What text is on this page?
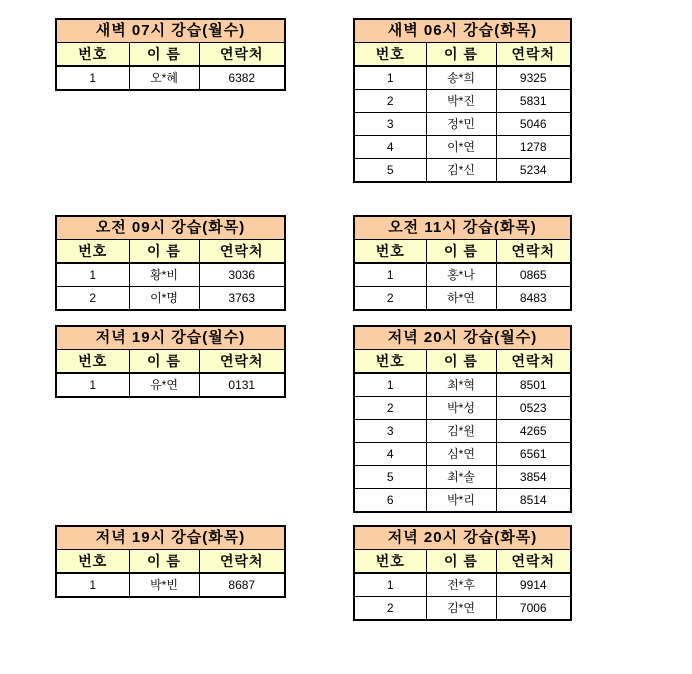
새벽 07시 강습(월수)		
번호	이 름	연락처
1	오*혜	6382
새벽 06시 강습(화목)		
번호	이 름	연락처
1	송*희	9325
2	박*진	5831
3	정*민	5046
4	이*연	1278
5	김*신	5234
오전 09시 강습(화목)		
번호	이 름	연락처
1	황*비	3036
2	이*명	3763
오전 11시 강습(화목)		
번호	이 름	연락처
1	홍*나	0865
2	하*연	8483
저녁 19시 강습(월수)		
번호	이 름	연락처
1	유*연	0131
저녁 20시 강습(월수)		
번호	이 름	연락처
1	최*혁	8501
2	박*성	0523
3	김*원	4265
4	심*연	6561
5	최*솔	3854
6	박*리	8514
저녁 19시 강습(화목)		
번호	이 름	연락처
1	박*빈	8687
저녁 20시 강습(화목)		
번호	이 름	연락처
1	전*후	9914
2	김*연	7006
